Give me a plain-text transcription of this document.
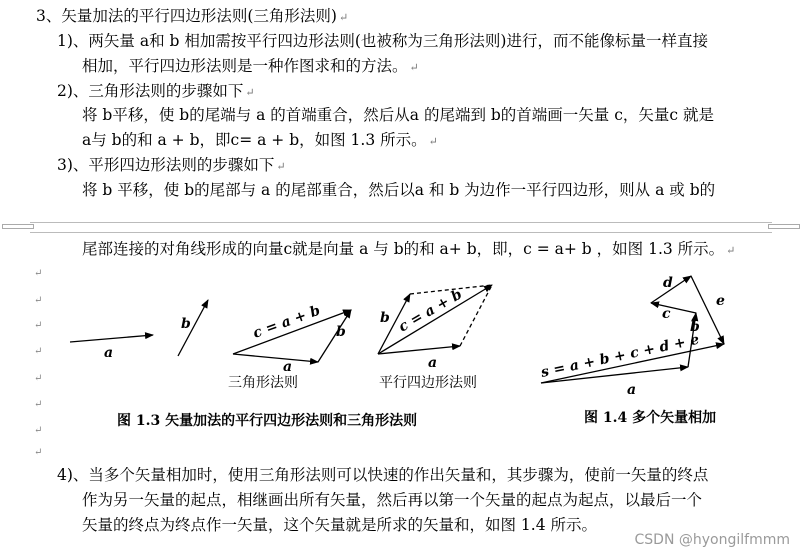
3、矢量加法的平行四边形法则(三角形法则) ↵
1)、两矢量 a和 b 相加需按平行四边形法则(也被称为三角形法则)进行，而不能像标量一样直接
相加，平行四边形法则是一种作图求和的方法。 ↵
2)、三角形法则的步骤如下 ↵
将 b平移，使 b的尾端与 a 的首端重合，然后从a 的尾端到 b的首端画一矢量 c，矢量c 就是
a与 b的和 a + b，即c= a + b，如图 1.3 所示。 ↵
3)、平形四边形法则的步骤如下 ↵
将 b 平移，使 b的尾部与 a 的尾部重合，然后以a 和 b 为边作一平行四边形，则从 a 或 b的
尾部连接的对角线形成的向量c就是向量 a 与 b的和 a+ b，即，c = a+ b ，如图 1.3 所示。 ↵
↵
↵
↵
↵
↵
↵
↵
↵
a
b	c = a + b b
a
b c = a + b
a
d
e
c
b
s = a + b + c + d + e
a
三角形法则	平行四边形法则
图 1.3 矢量加法的平行四边形法则和三角形法则	图 1.4 多个矢量相加
4)、当多个矢量相加时，使用三角形法则可以快速的作出矢量和，其步骤为，使前一矢量的终点
作为另一矢量的起点，相继画出所有矢量，然后再以第一个矢量的起点为起点，以最后一个
矢量的终点为终点作一矢量，这个矢量就是所求的矢量和，如图 1.4 所示。
CSDN @hyongilfmmm
